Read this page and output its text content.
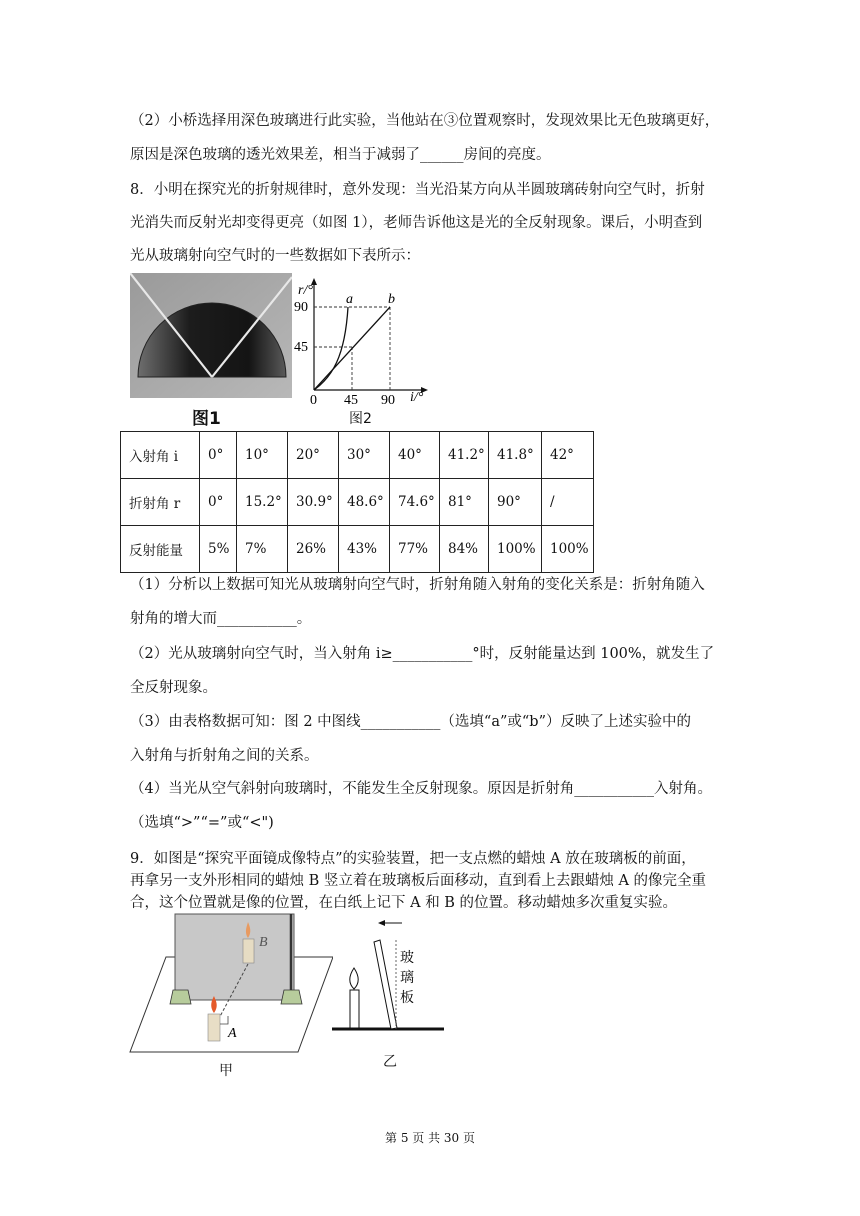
（2）小桥选择用深色玻璃进行此实验，当他站在③位置观察时，发现效果比无色玻璃更好，
原因是深色玻璃的透光效果差，相当于减弱了______房间的亮度。
8．小明在探究光的折射规律时，意外发现：当光沿某方向从半圆玻璃砖射向空气时，折射
光消失而反射光却变得更亮（如图 1），老师告诉他这是光的全反射现象。课后，小明查到
光从玻璃射向空气时的一些数据如下表所示：
图1
r/°
90
45
0 45 90 i/°
a	b
图2
入射角 i	0°	10°	20°	30°	40°	41.2°	41.8°	42°
折射角 r	0°	15.2°	30.9°	48.6°	74.6°	81°	90°	/
反射能量	5%	7%	26%	43%	77%	84%	100%	100%
（1）分析以上数据可知光从玻璃射向空气时，折射角随入射角的变化关系是：折射角随入
射角的增大而___________。
（2）光从玻璃射向空气时，当入射角 i≥___________°时，反射能量达到 100%，就发生了
全反射现象。
（3）由表格数据可知：图 2 中图线___________（选填“a”或“b”）反映了上述实验中的
入射角与折射角之间的关系。
（4）当光从空气斜射向玻璃时，不能发生全反射现象。原因是折射角___________入射角。
（选填“>”“=”或“<")
9．如图是“探究平面镜成像特点”的实验装置，把一支点燃的蜡烛 A 放在玻璃板的前面，
再拿另一支外形相同的蜡烛 B 竖立着在玻璃板后面移动，直到看上去跟蜡烛 A 的像完全重
合，这个位置就是像的位置，在白纸上记下 A 和 B 的位置。移动蜡烛多次重复实验。
B
A
甲
玻
璃
板
乙
第 5 页 共 30 页
